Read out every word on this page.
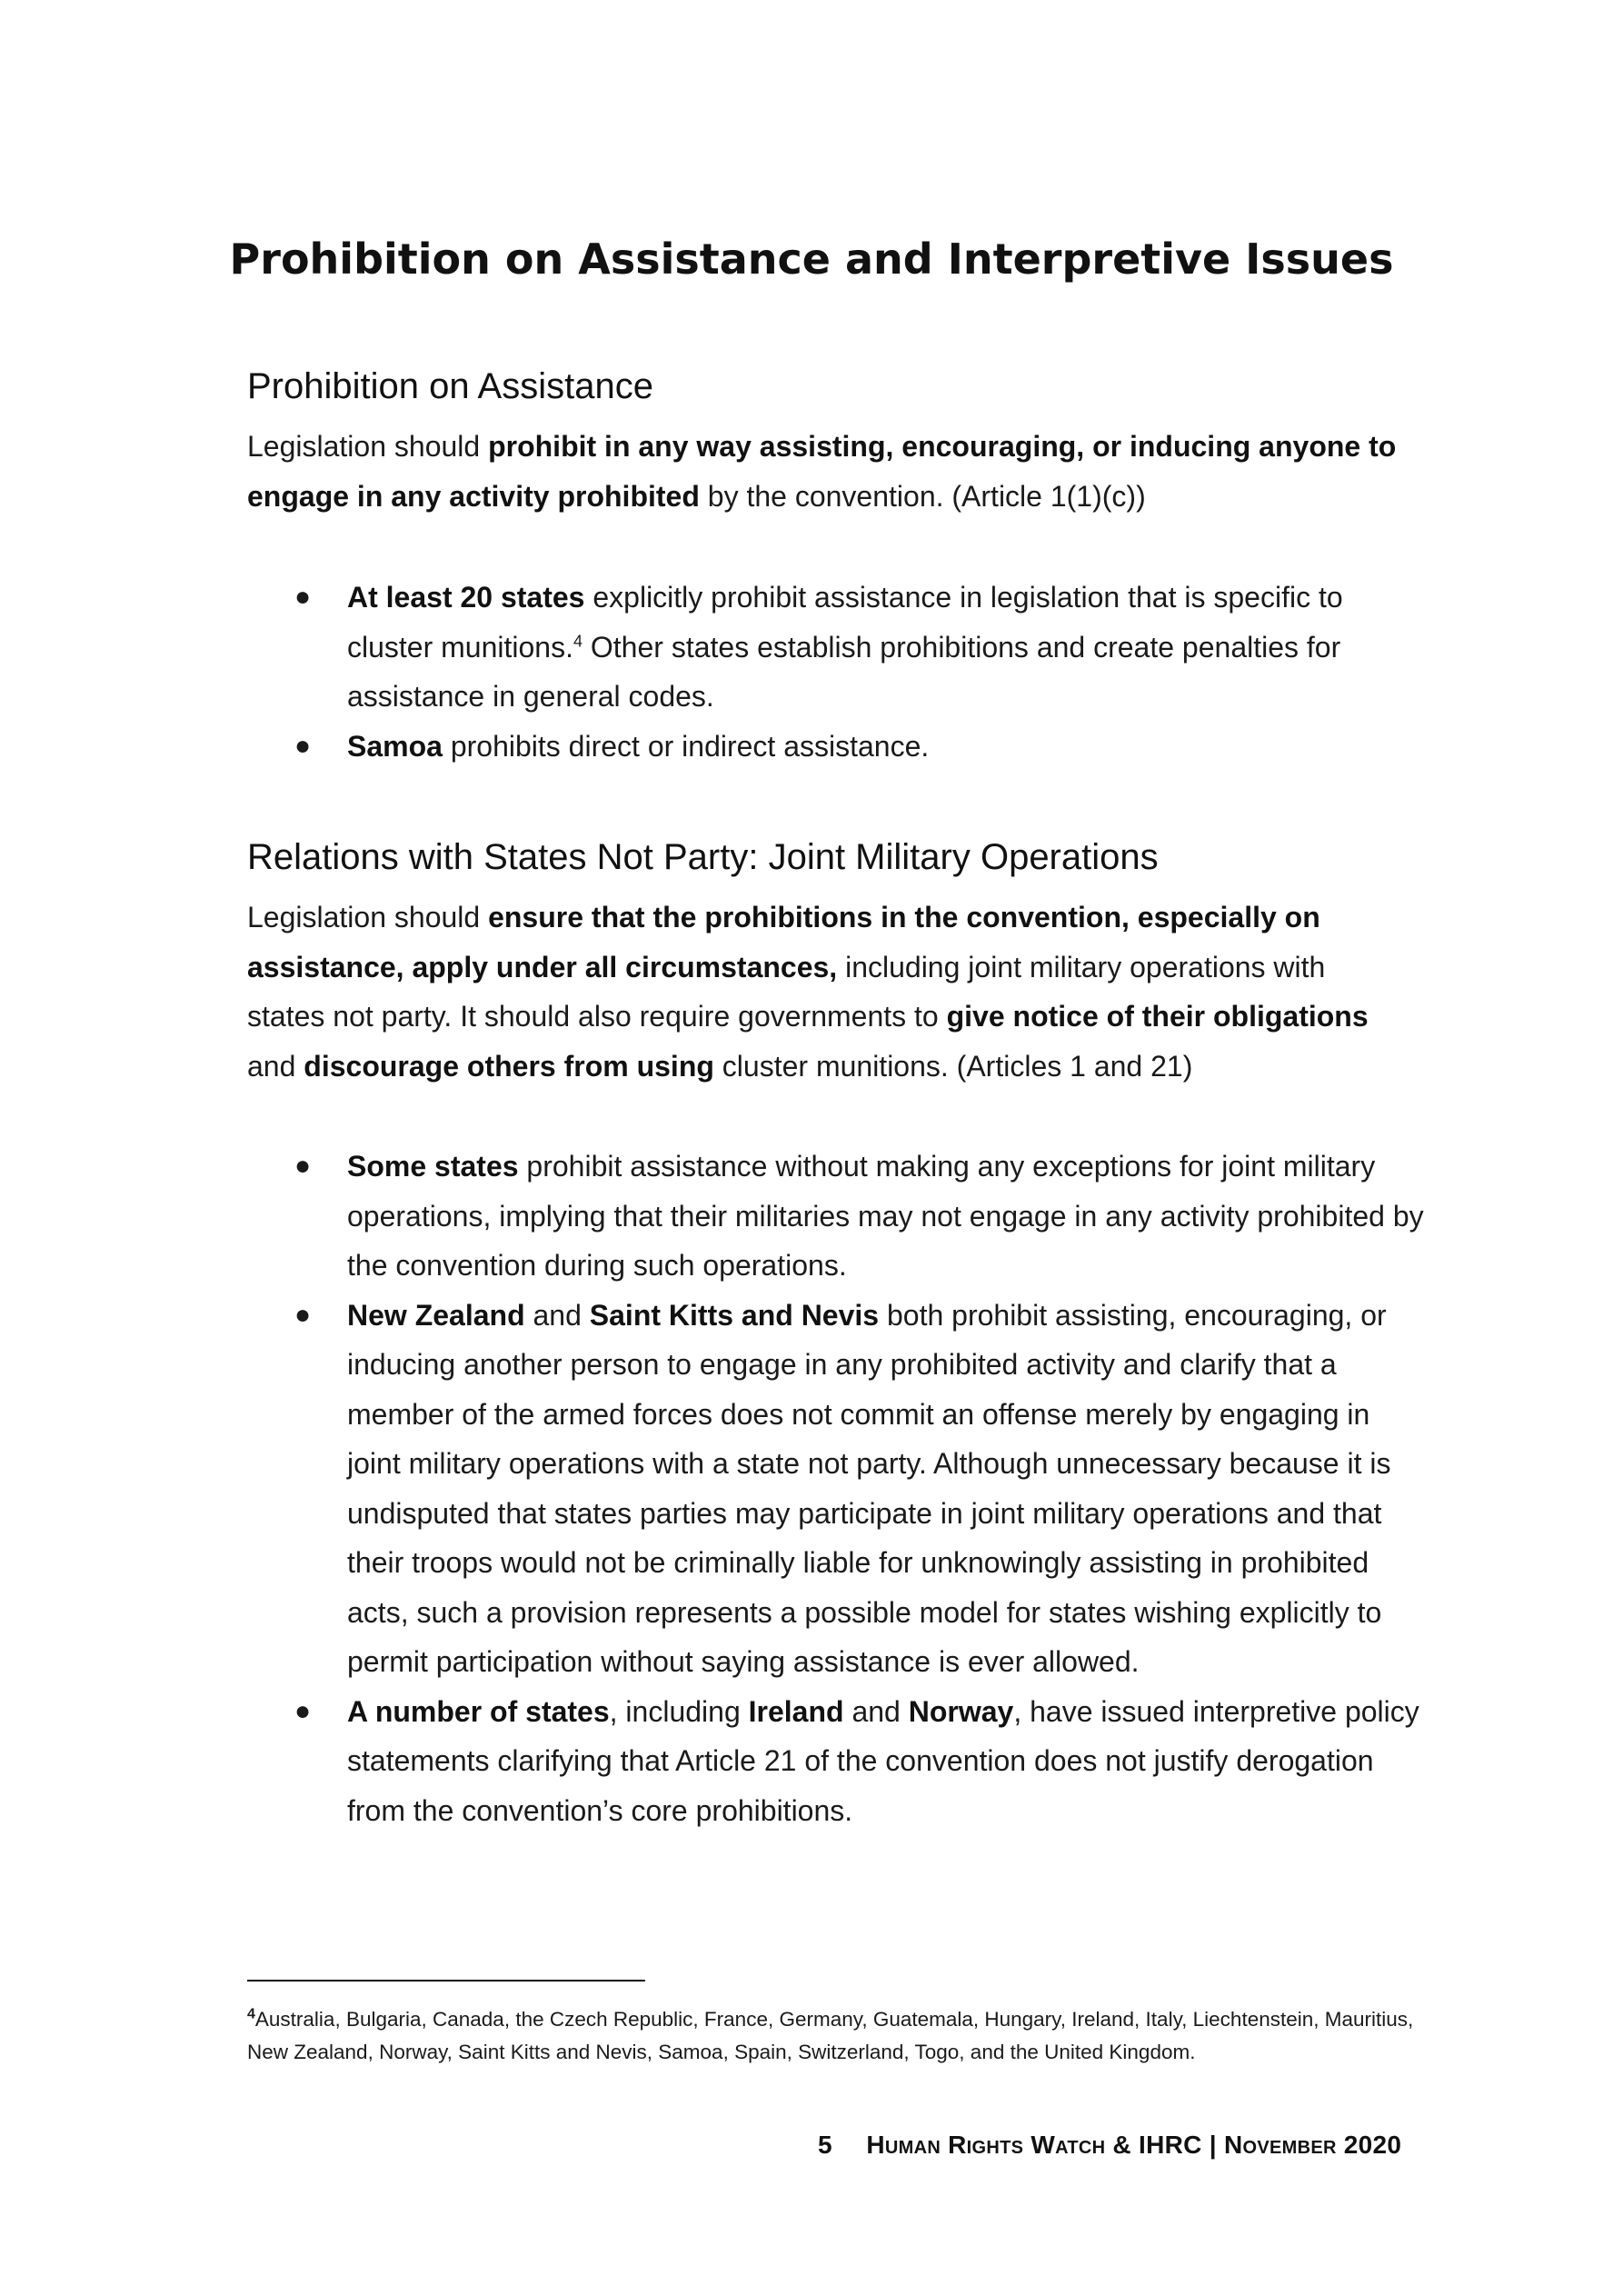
Prohibition on Assistance and Interpretive Issues
Prohibition on Assistance

Legislation should prohibit in any way assisting, encouraging, or inducing anyone to engage in any activity prohibited by the convention. (Article 1(1)(c))

● At least 20 states explicitly prohibit assistance in legislation that is specific to cluster munitions.$^4$ Other states establish prohibitions and create penalties for assistance in general codes.
● Samoa prohibits direct or indirect assistance.
Relations with States Not Party: Joint Military Operations

Legislation should ensure that the prohibitions in the convention, especially on assistance, apply under all circumstances, including joint military operations with states not party. It should also require governments to give notice of their obligations and discourage others from using cluster munitions. (Articles 1 and 21)

● Some states prohibit assistance without making any exceptions for joint military operations, implying that their militaries may not engage in any activity prohibited by the convention during such operations.
● New Zealand and Saint Kitts and Nevis both prohibit assisting, encouraging, or inducing another person to engage in any prohibited activity and clarify that a member of the armed forces does not commit an offense merely by engaging in joint military operations with a state not party. Although unnecessary because it is undisputed that states parties may participate in joint military operations and that their troops would not be criminally liable for unknowingly assisting in prohibited acts, such a provision represents a possible model for states wishing explicitly to permit participation without saying assistance is ever allowed.
● A number of states, including Ireland and Norway, have issued interpretive policy statements clarifying that Article 21 of the convention does not justify derogation from the convention’s core prohibitions.

$^4$Australia, Bulgaria, Canada, the Czech Republic, France, Germany, Guatemala, Hungary, Ireland, Italy, Liechtenstein, Mauritius, New Zealand, Norway, Saint Kitts and Nevis, Samoa, Spain, Switzerland, Togo, and the United Kingdom.

5 Human Rights Watch & IHRC | November 2020
